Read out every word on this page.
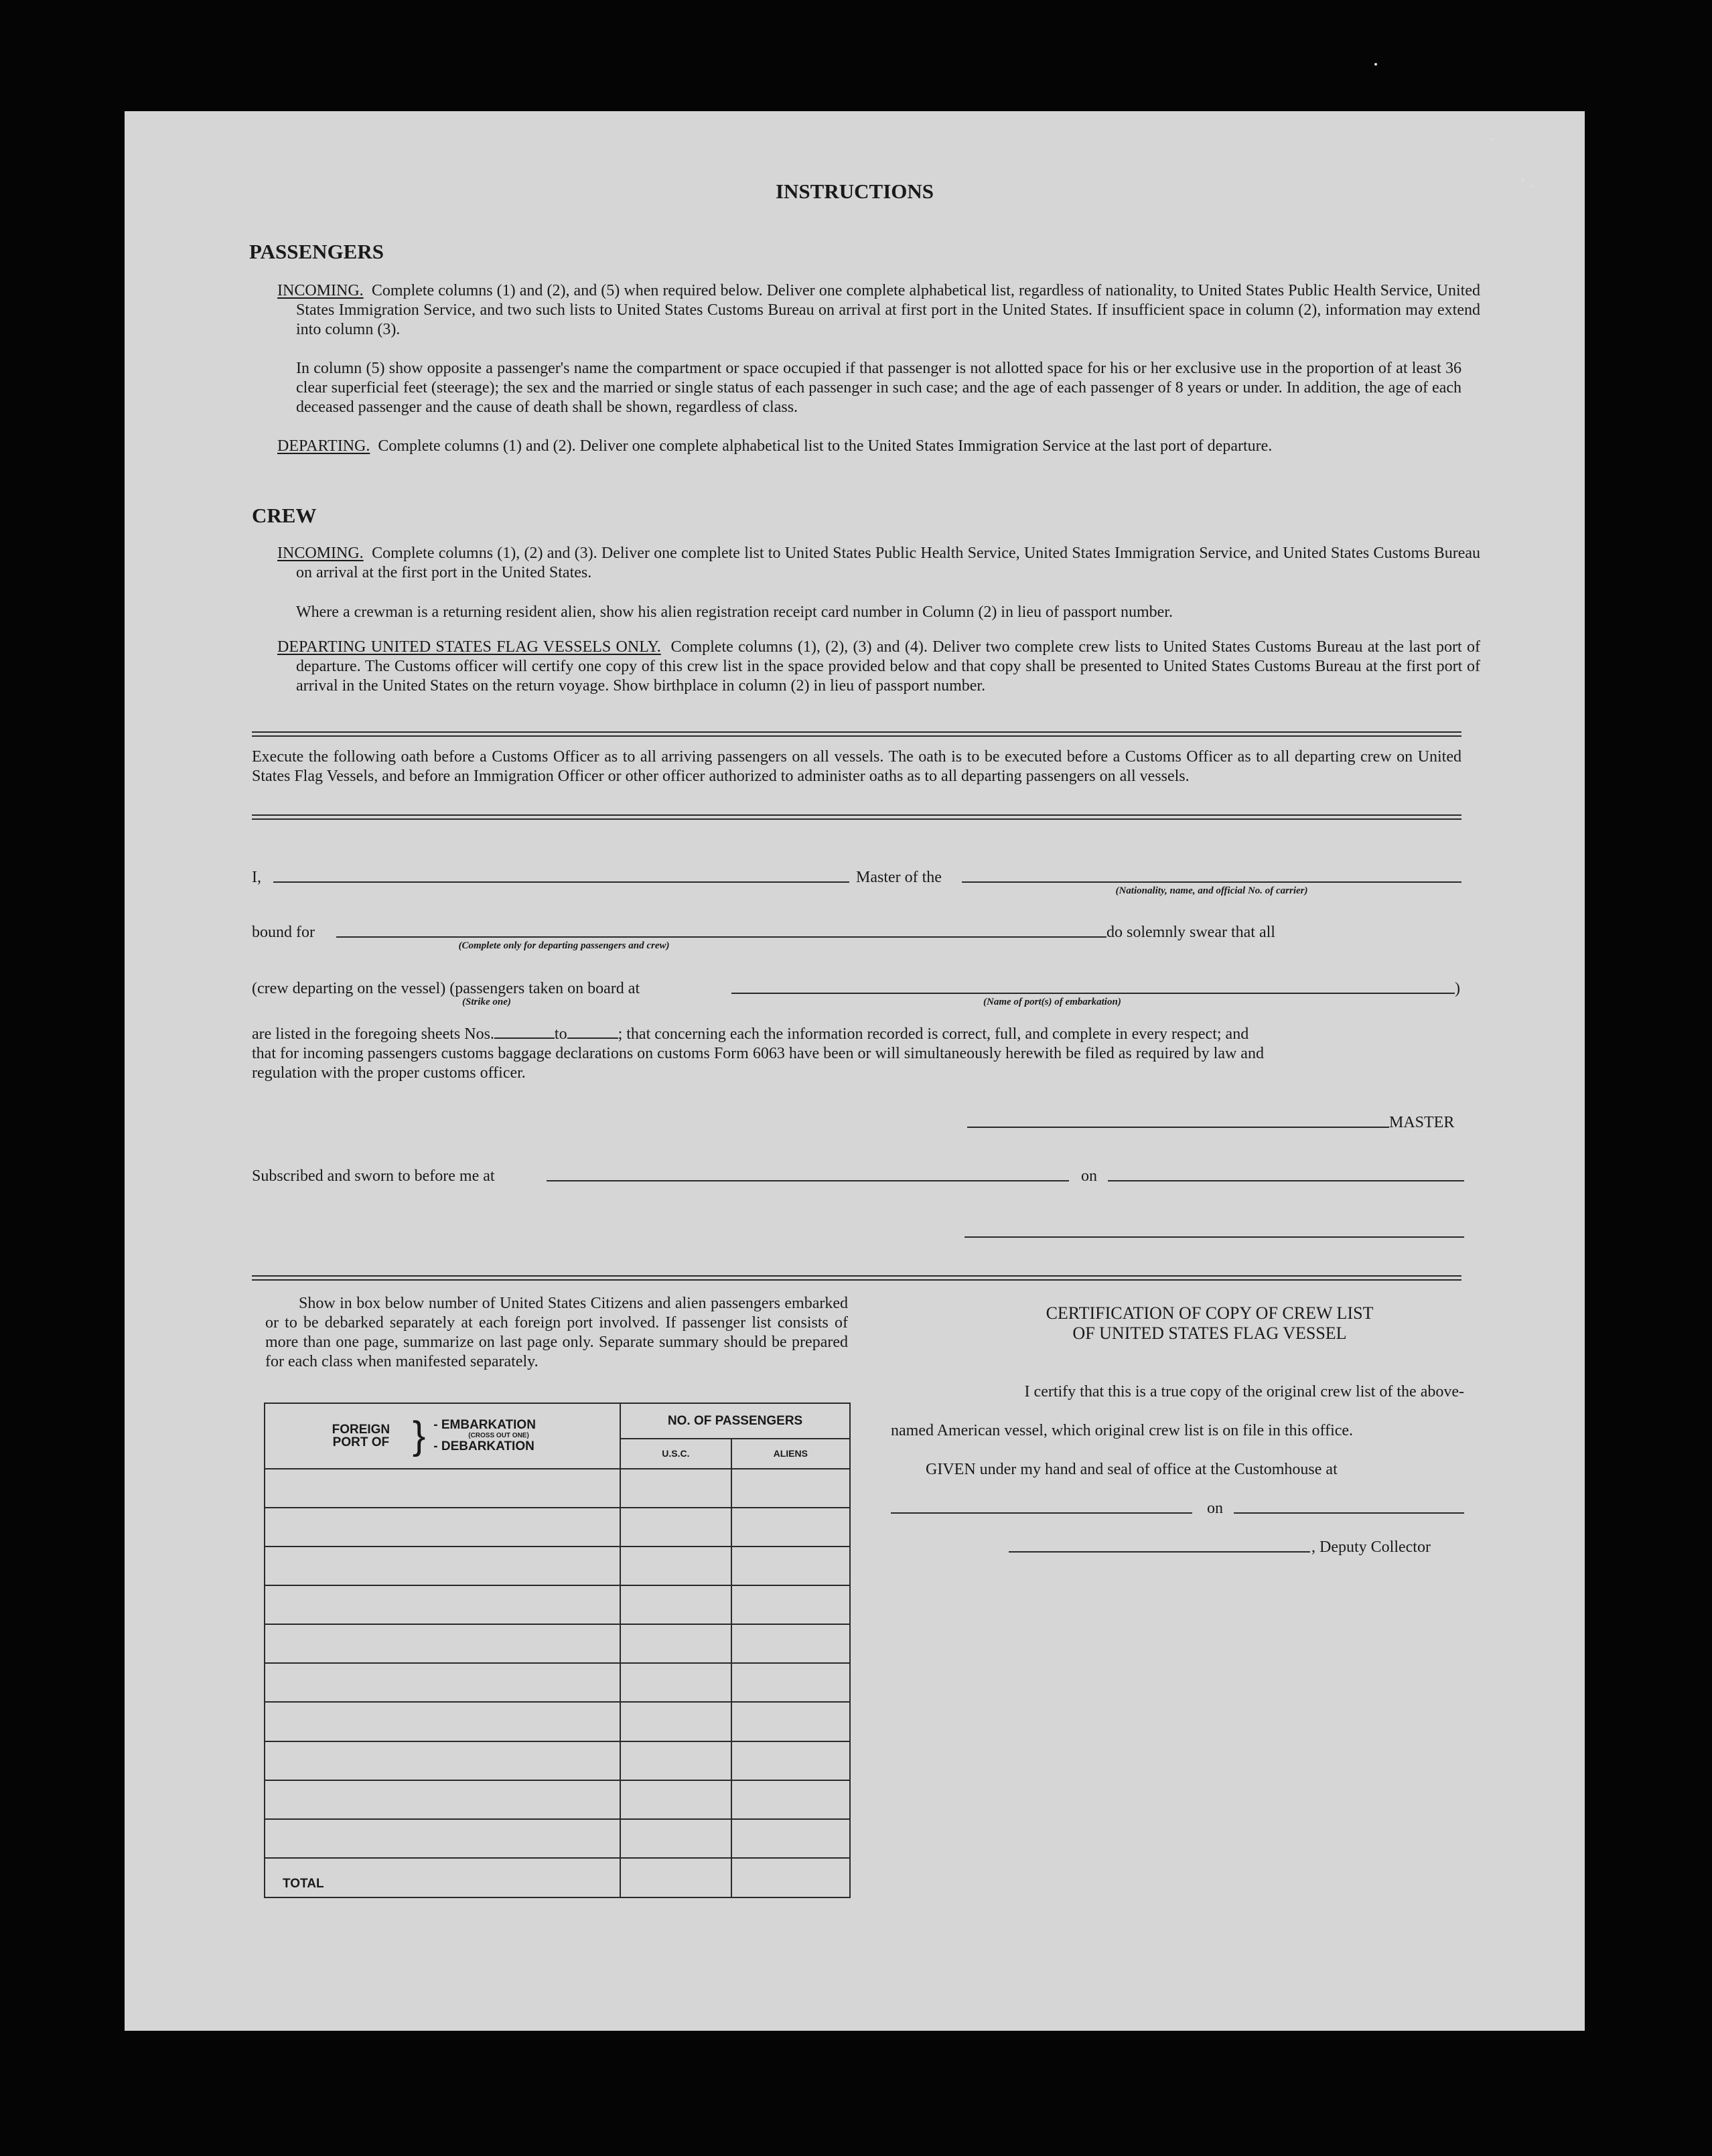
INSTRUCTIONS
PASSENGERS
INCOMING. Complete columns (1) and (2), and (5) when required below. Deliver one complete alphabetical list, regardless of nationality, to United States Public Health Service, United States Immigration Service, and two such lists to United States Customs Bureau on arrival at first port in the United States. If insufficient space in column (2), information may extend into column (3).
In column (5) show opposite a passenger's name the compartment or space occupied if that passenger is not allotted space for his or her exclusive use in the proportion of at least 36 clear superficial feet (steerage); the sex and the married or single status of each passenger in such case; and the age of each passenger of 8 years or under. In addition, the age of each deceased passenger and the cause of death shall be shown, regardless of class.
DEPARTING. Complete columns (1) and (2). Deliver one complete alphabetical list to the United States Immigration Service at the last port of departure.
CREW
INCOMING. Complete columns (1), (2) and (3). Deliver one complete list to United States Public Health Service, United States Immigration Service, and United States Customs Bureau on arrival at the first port in the United States.
Where a crewman is a returning resident alien, show his alien registration receipt card number in Column (2) in lieu of passport number.
DEPARTING UNITED STATES FLAG VESSELS ONLY. Complete columns (1), (2), (3) and (4). Deliver two complete crew lists to United States Customs Bureau at the last port of departure. The Customs officer will certify one copy of this crew list in the space provided below and that copy shall be presented to United States Customs Bureau at the first port of arrival in the United States on the return voyage. Show birthplace in column (2) in lieu of passport number.
Execute the following oath before a Customs Officer as to all arriving passengers on all vessels. The oath is to be executed before a Customs Officer as to all departing crew on United States Flag Vessels, and before an Immigration Officer or other officer authorized to administer oaths as to all departing passengers on all vessels.
I,	Master of the
(Nationality, name, and official No. of carrier)
bound for
(Complete only for departing passengers and crew)
do solemnly swear that all
(crew departing on the vessel) (passengers taken on board at	)
(Strike one)	(Name of port(s) of embarkation)
are listed in the foregoing sheets Nos.	to	; that concerning each the information recorded is correct, full, and complete in every respect; and
that for incoming passengers customs baggage declarations on customs Form 6063 have been or will simultaneously herewith be filed as required by law and
regulation with the proper customs officer.
MASTER
Subscribed and sworn to before me at	on
Show in box below number of United States Citizens and alien passengers embarked or to be debarked separately at each foreign port involved. If passenger list consists of more than one page, summarize on last page only. Separate summary should be prepared for each class when manifested separately.
FOREIGN PORT OF } - EMBARKATION
(CROSS OUT ONE)
- DEBARKATION	NO. OF PASSENGERS	
	U.S.C.	ALIENS

TOTAL		
CERTIFICATION OF COPY OF CREW LIST
OF UNITED STATES FLAG VESSEL
I certify that this is a true copy of the original crew list of the above-
named American vessel, which original crew list is on file in this office.
GIVEN under my hand and seal of office at the Customhouse at
on
, Deputy Collector
